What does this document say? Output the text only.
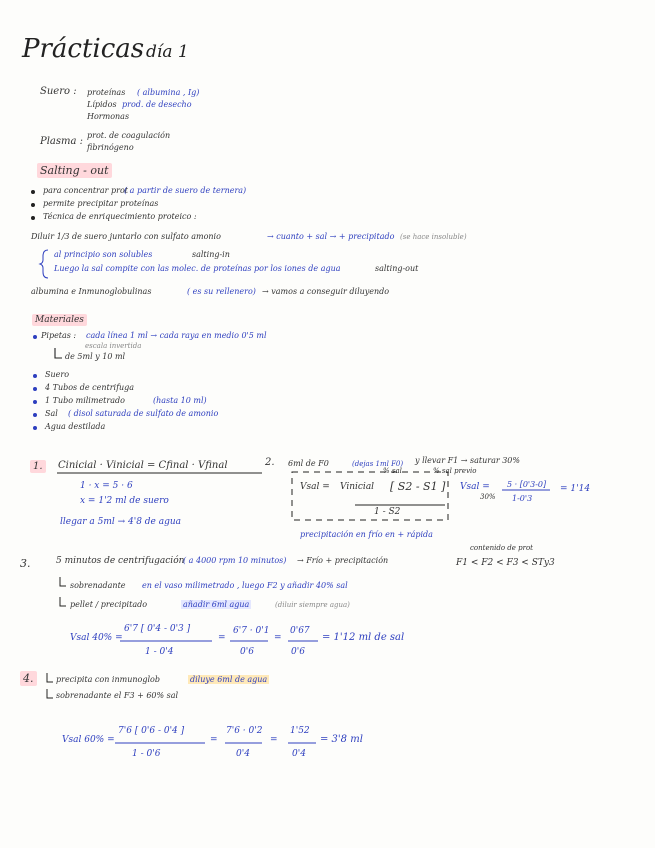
Prácticas día 1
Suero : proteínas ( albumina , Ig)
Lípidos prod. de desecho
Hormonas
Plasma :
prot. de coagulación
fibrinógeno
Salting - out
para concentrar prot
( a partir de suero de ternera)
permite precipitar proteínas
Técnica de enriquecimiento proteico :
Diluir 1/3 de suero juntarlo con sulfato amonio	→ cuanto + sal → + precipitado (se hace insoluble)
al principio son solubles	salting-in
Luego la sal compite con las molec. de proteínas por los iones de agua	salting-out
albumina e Inmunoglobulinas	( es su rellenero) → vamos a conseguir diluyendo
Materiales
Pipetas : cada línea 1 ml → cada raya en medio 0'5 ml
escala invertida
de 5ml y 10 ml
Suero
4 Tubos de centrifuga
1 Tubo milimetrado	(hasta 10 ml)
Sal ( disol saturada de sulfato de amonio
Agua destilada
1.	Cinicial · Vinicial = Cfinal · Vfinal
1 · x = 5 · 6
x = 1'2 ml de suero
llegar a 5ml → 4'8 de agua
2. 6ml de F0	(dejas 1ml F0) y llevar F1 → saturar 30%
% sal	% sal previo
Vsal = Vinicial [ S2 - S1 ]
1 - S2
Vsal = 5 · [0'3-0]
1-0'3
= 1'14
30%
precipitación en frío en + rápida
3.	5 minutos de centrifugación
( a 4000 rpm 10 minutos) → Frío + precipitación
contenido de prot
F1 < F2 < F3 < STy3
sobrenadante en el vaso milimetrado , luego F2 y añadir 40% sal
pellet / precipitado	añadir 6ml agua	(diluir siempre agua)
Vsal 40% =
6'7 [ 0'4 - 0'3 ]
1 - 0'4
=
6'7 · 0'1
0'6
=
0'67
0'6
= 1'12 ml de sal
4.	precipita con inmunoglob	diluye 6ml de agua
sobrenadante el F3 + 60% sal
Vsal 60% =
7'6 [ 0'6 - 0'4 ]
1 - 0'6
=
7'6 · 0'2
0'4
=
1'52
0'4
= 3'8 ml
